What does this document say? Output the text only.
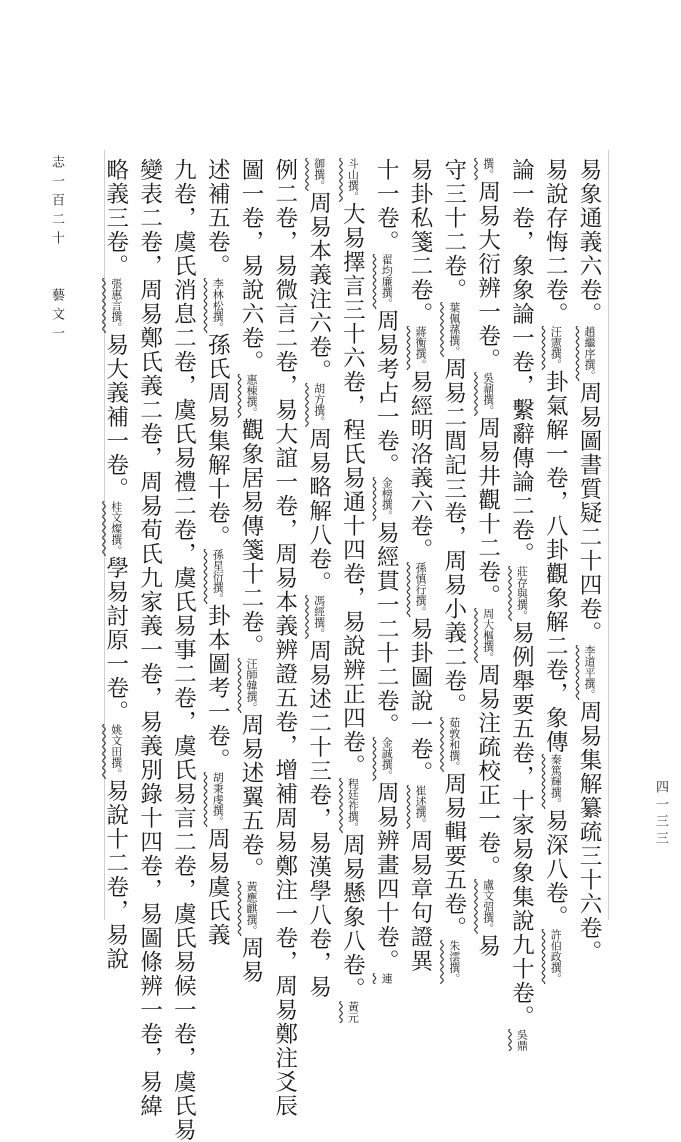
易象通義六卷。趙繼序撰。周易圖書質疑二十四卷。李道平撰。周易集解纂疏三十六卷。
易說存悔二卷。汪憲撰。卦氣解一卷，八卦觀象解二卷，象傳秦篤輝撰。易深八卷。許伯政撰。
論一卷，象象論一卷，繫辭傳論二卷。莊存與撰。易例舉要五卷，十家易象集說九十卷。吳鼎
撰。周易大衍辨一卷。吳鼐撰。周易井觀十二卷。周大樞撰。周易注疏校正一卷。盧文弨撰。易
守三十二卷。葉佩蓀撰。周易二閭記三卷，周易小義二卷。茹敦和撰。周易輯要五卷。朱澐撰。
易卦私箋二卷。蔣衡撰。易經明洛義六卷。孫慎行撰。易卦圖說一卷。崔述撰。周易章句證異
十一卷。翟均廉撰。周易考占一卷。金榜撰。易經貫一二十二卷。金誠撰。周易辨畫四十卷。連
斗山撰。大易擇言三十六卷，程氏易通十四卷，易說辨正四卷。程廷祚撰。周易懸象八卷。黃元
御撰。周易本義注六卷。胡方撰。周易略解八卷。馮經撰。周易述二十三卷，易漢學八卷，易
例二卷，易微言二卷，易大誼一卷，周易本義辨證五卷，增補周易鄭注一卷，周易鄭注爻辰
圖一卷，易說六卷。惠棟撰。觀象居易傳箋十二卷。汪師韓撰。周易述翼五卷。黃應麒撰。周易
述補五卷。李林松撰。孫氏周易集解十卷。孫星衍撰。卦本圖考一卷。胡秉虔撰。周易虞氏義
九卷，虞氏消息二卷，虞氏易禮二卷，虞氏易事二卷，虞氏易言二卷，虞氏易候一卷，虞氏易
變表二卷，周易鄭氏義二卷，周易荀氏九家義一卷，易義別錄十四卷，易圖條辨一卷，易緯
略義三卷。張惠言撰。易大義補一卷。桂文燦撰。學易討原一卷。姚文田撰。易說十二卷，易說
志一百二十藝文一
四一三三
